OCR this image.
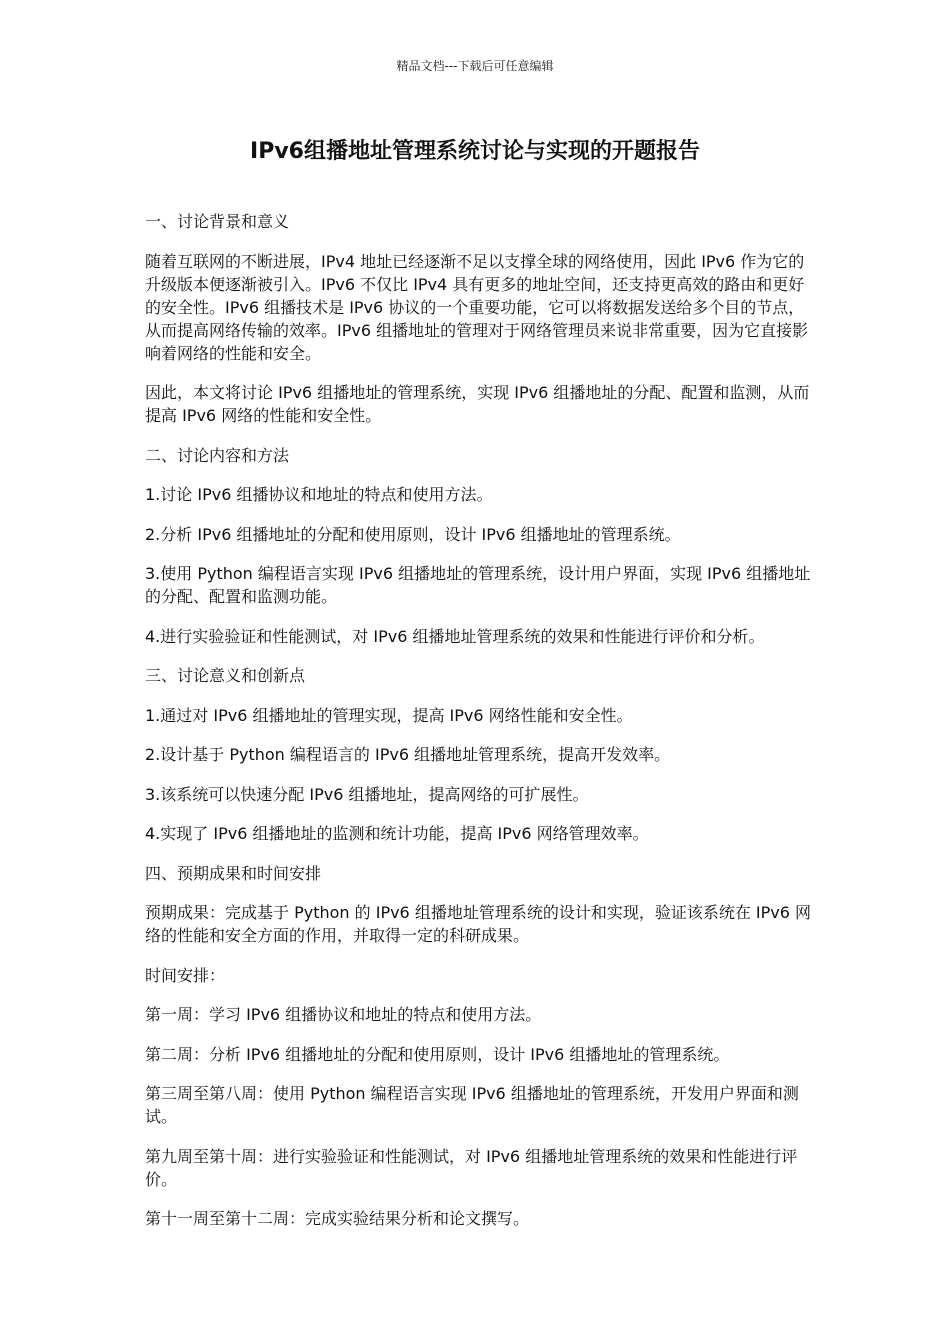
精品文档---下载后可任意编辑
IPv6组播地址管理系统讨论与实现的开题报告

一、讨论背景和意义

随着互联网的不断进展，IPv4 地址已经逐渐不足以支撑全球的网络使用，因此 IPv6 作为它的升级版本便逐渐被引入。IPv6 不仅比 IPv4 具有更多的地址空间，还支持更高效的路由和更好的安全性。IPv6 组播技术是 IPv6 协议的一个重要功能，它可以将数据发送给多个目的节点，从而提高网络传输的效率。IPv6 组播地址的管理对于网络管理员来说非常重要，因为它直接影响着网络的性能和安全。

因此，本文将讨论 IPv6 组播地址的管理系统，实现 IPv6 组播地址的分配、配置和监测，从而提高 IPv6 网络的性能和安全性。

二、讨论内容和方法

1.讨论 IPv6 组播协议和地址的特点和使用方法。

2.分析 IPv6 组播地址的分配和使用原则，设计 IPv6 组播地址的管理系统。

3.使用 Python 编程语言实现 IPv6 组播地址的管理系统，设计用户界面，实现 IPv6 组播地址的分配、配置和监测功能。

4.进行实验验证和性能测试，对 IPv6 组播地址管理系统的效果和性能进行评价和分析。

三、讨论意义和创新点

1.通过对 IPv6 组播地址的管理实现，提高 IPv6 网络性能和安全性。

2.设计基于 Python 编程语言的 IPv6 组播地址管理系统，提高开发效率。

3.该系统可以快速分配 IPv6 组播地址，提高网络的可扩展性。

4.实现了 IPv6 组播地址的监测和统计功能，提高 IPv6 网络管理效率。

四、预期成果和时间安排

预期成果：完成基于 Python 的 IPv6 组播地址管理系统的设计和实现，验证该系统在 IPv6 网络的性能和安全方面的作用，并取得一定的科研成果。

时间安排：

第一周：学习 IPv6 组播协议和地址的特点和使用方法。

第二周：分析 IPv6 组播地址的分配和使用原则，设计 IPv6 组播地址的管理系统。

第三周至第八周：使用 Python 编程语言实现 IPv6 组播地址的管理系统，开发用户界面和测试。

第九周至第十周：进行实验验证和性能测试，对 IPv6 组播地址管理系统的效果和性能进行评价。

第十一周至第十二周：完成实验结果分析和论文撰写。
